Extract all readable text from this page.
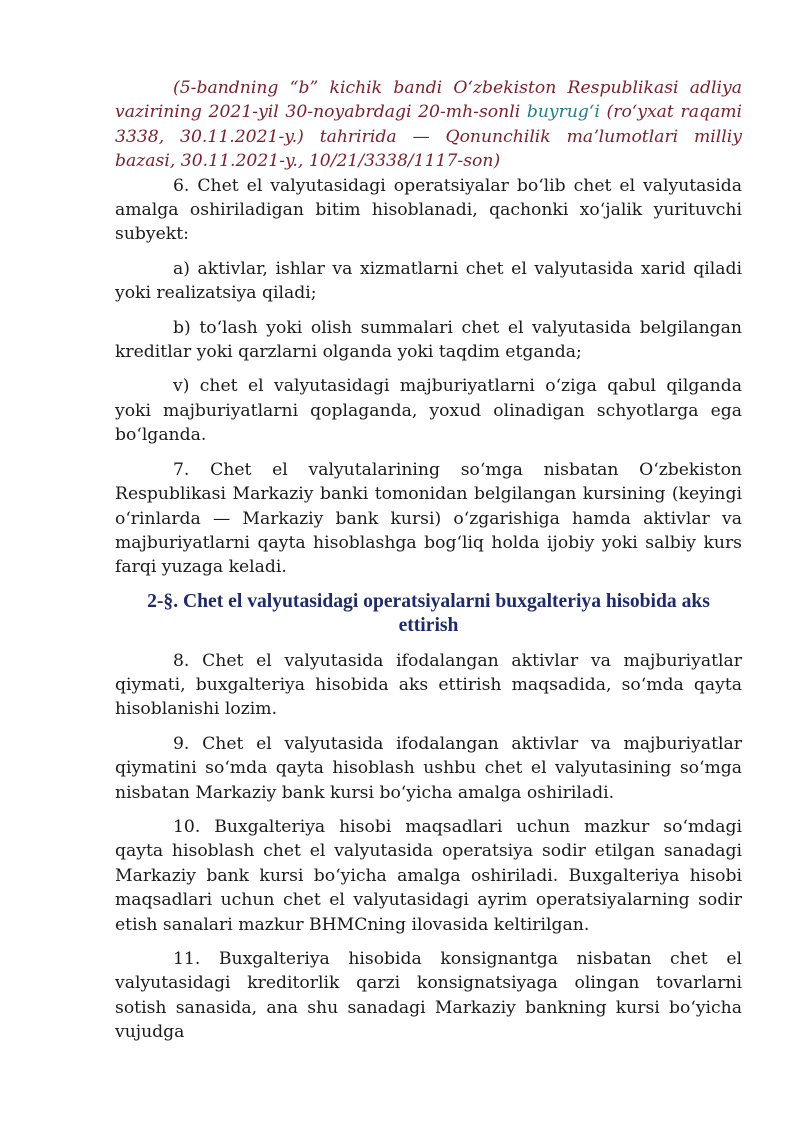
(5-bandning “b” kichik bandi Oʻzbekiston Respublikasi adliya vazirining 2021-yil 30-noyabrdagi 20-mh-sonli buyrugʻi (roʻyxat raqami 3338, 30.11.2021-y.) tahririda — Qonunchilik maʼlumotlari milliy bazasi, 30.11.2021-y., 10/21/3338/1117-son)

6. Chet el valyutasidagi operatsiyalar boʻlib chet el valyutasida amalga oshiriladigan bitim hisoblanadi, qachonki xoʻjalik yurituvchi subyekt:

a) aktivlar, ishlar va xizmatlarni chet el valyutasida xarid qiladi yoki realizatsiya qiladi;

b) toʻlash yoki olish summalari chet el valyutasida belgilangan kreditlar yoki qarzlarni olganda yoki taqdim etganda;

v) chet el valyutasidagi majburiyatlarni oʻziga qabul qilganda yoki majburiyatlarni qoplaganda, yoxud olinadigan schyotlarga ega boʻlganda.

7. Chet el valyutalarining soʻmga nisbatan Oʻzbekiston Respublikasi Markaziy banki tomonidan belgilangan kursining (keyingi oʻrinlarda — Markaziy bank kursi) oʻzgarishiga hamda aktivlar va majburiyatlarni qayta hisoblashga bogʻliq holda ijobiy yoki salbiy kurs farqi yuzaga keladi.

2-§. Chet el valyutasidagi operatsiyalarni buxgalteriya hisobida aks ettirish

8. Chet el valyutasida ifodalangan aktivlar va majburiyatlar qiymati, buxgalteriya hisobida aks ettirish maqsadida, soʻmda qayta hisoblanishi lozim.

9. Chet el valyutasida ifodalangan aktivlar va majburiyatlar qiymatini soʻmda qayta hisoblash ushbu chet el valyutasining soʻmga nisbatan Markaziy bank kursi boʻyicha amalga oshiriladi.

10. Buxgalteriya hisobi maqsadlari uchun mazkur soʻmdagi qayta hisoblash chet el valyutasida operatsiya sodir etilgan sanadagi Markaziy bank kursi boʻyicha amalga oshiriladi. Buxgalteriya hisobi maqsadlari uchun chet el valyutasidagi ayrim operatsiyalarning sodir etish sanalari mazkur BHMCning ilovasida keltirilgan.

11. Buxgalteriya hisobida konsignantga nisbatan chet el valyutasidagi kreditorlik qarzi konsignatsiyaga olingan tovarlarni sotish sanasida, ana shu sanadagi Markaziy bankning kursi boʻyicha vujudga
